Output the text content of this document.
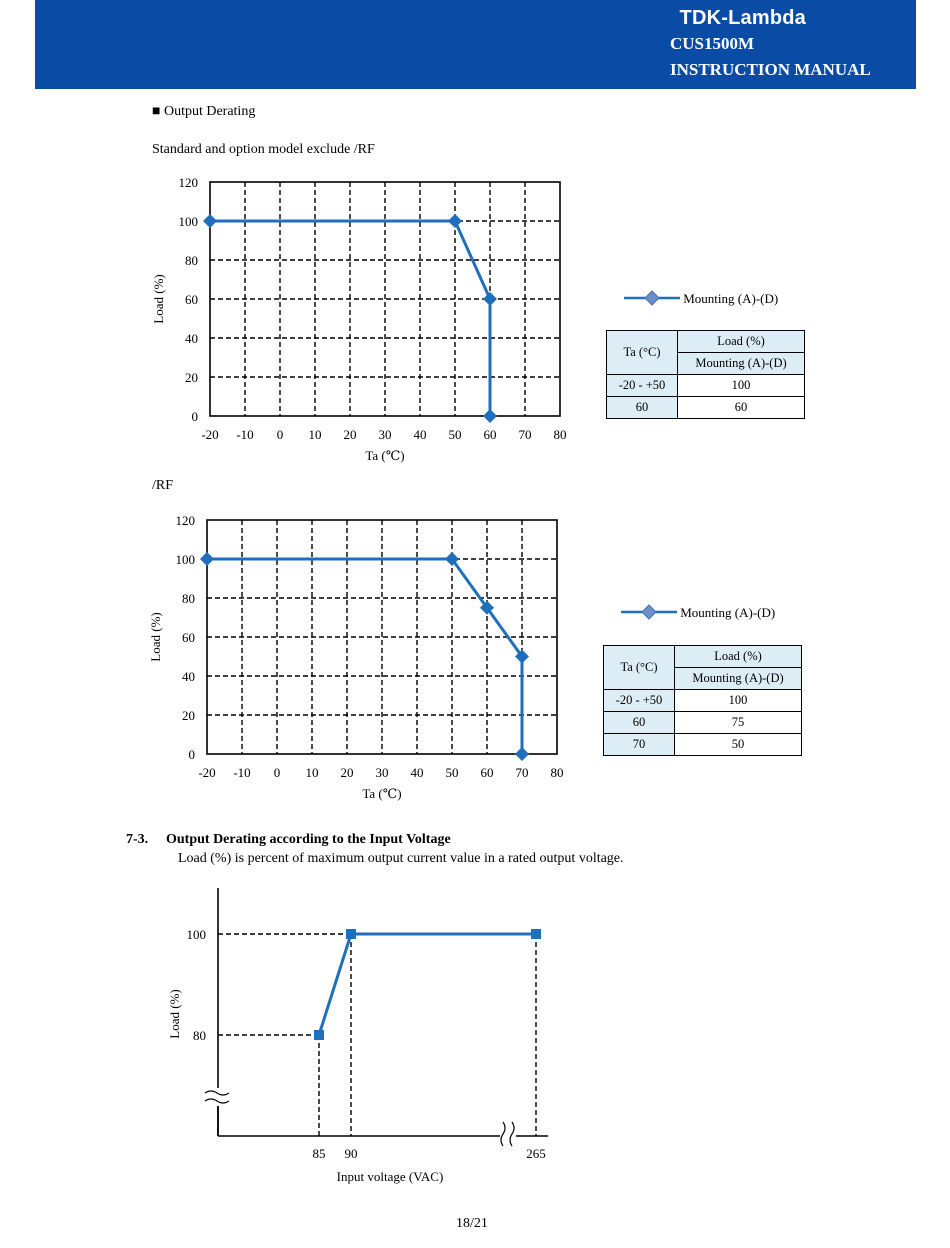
TDK-Lambda
CUS1500M
INSTRUCTION MANUAL
■ Output Derating
Standard and option model exclude /RF
/RF
7-3. Output Derating according to the Input Voltage
Load (%) is percent of maximum output current value in a rated output voltage.
18/21
Mounting (A)-(D)
Mounting (A)-(D)
Ta (°C)	Load (%)
	Mounting (A)-(D)
-20 - +50	100
60	60
Ta (°C)	Load (%)
	Mounting (A)-(D)
-20 - +50	100
60	75
70	50
-20 -10 0 10 20 30 40 50 60 70 80
0
20
40
60
80
100
120
Ta (℃)
Load (%)
-20 -10 0 10 20 30 40 50 60 70 80
0
20
40
60
80
100
120
Ta (℃)
Load (%)
85 90	265
80
100
Input voltage (VAC)
Load (%)
